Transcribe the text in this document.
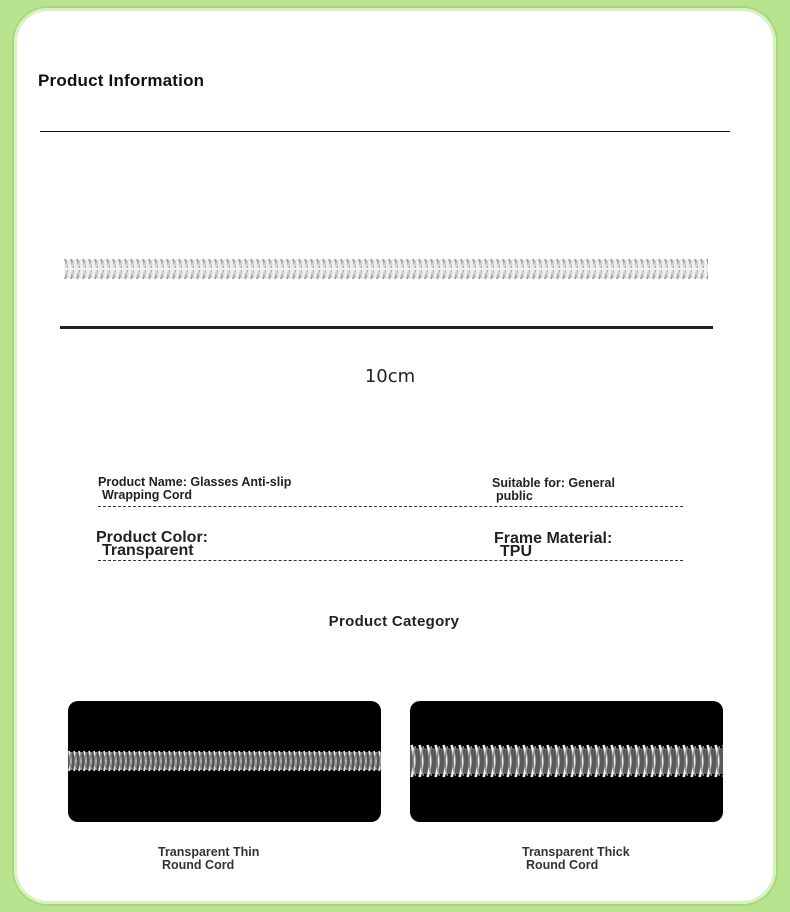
Product Information
10cm
Product Name: Glasses Anti-slip
Wrapping Cord
Suitable for: General
public
Product Color:
Transparent
Frame Material:
TPU
Product Category
Transparent Thin
Round Cord
Transparent Thick
Round Cord
